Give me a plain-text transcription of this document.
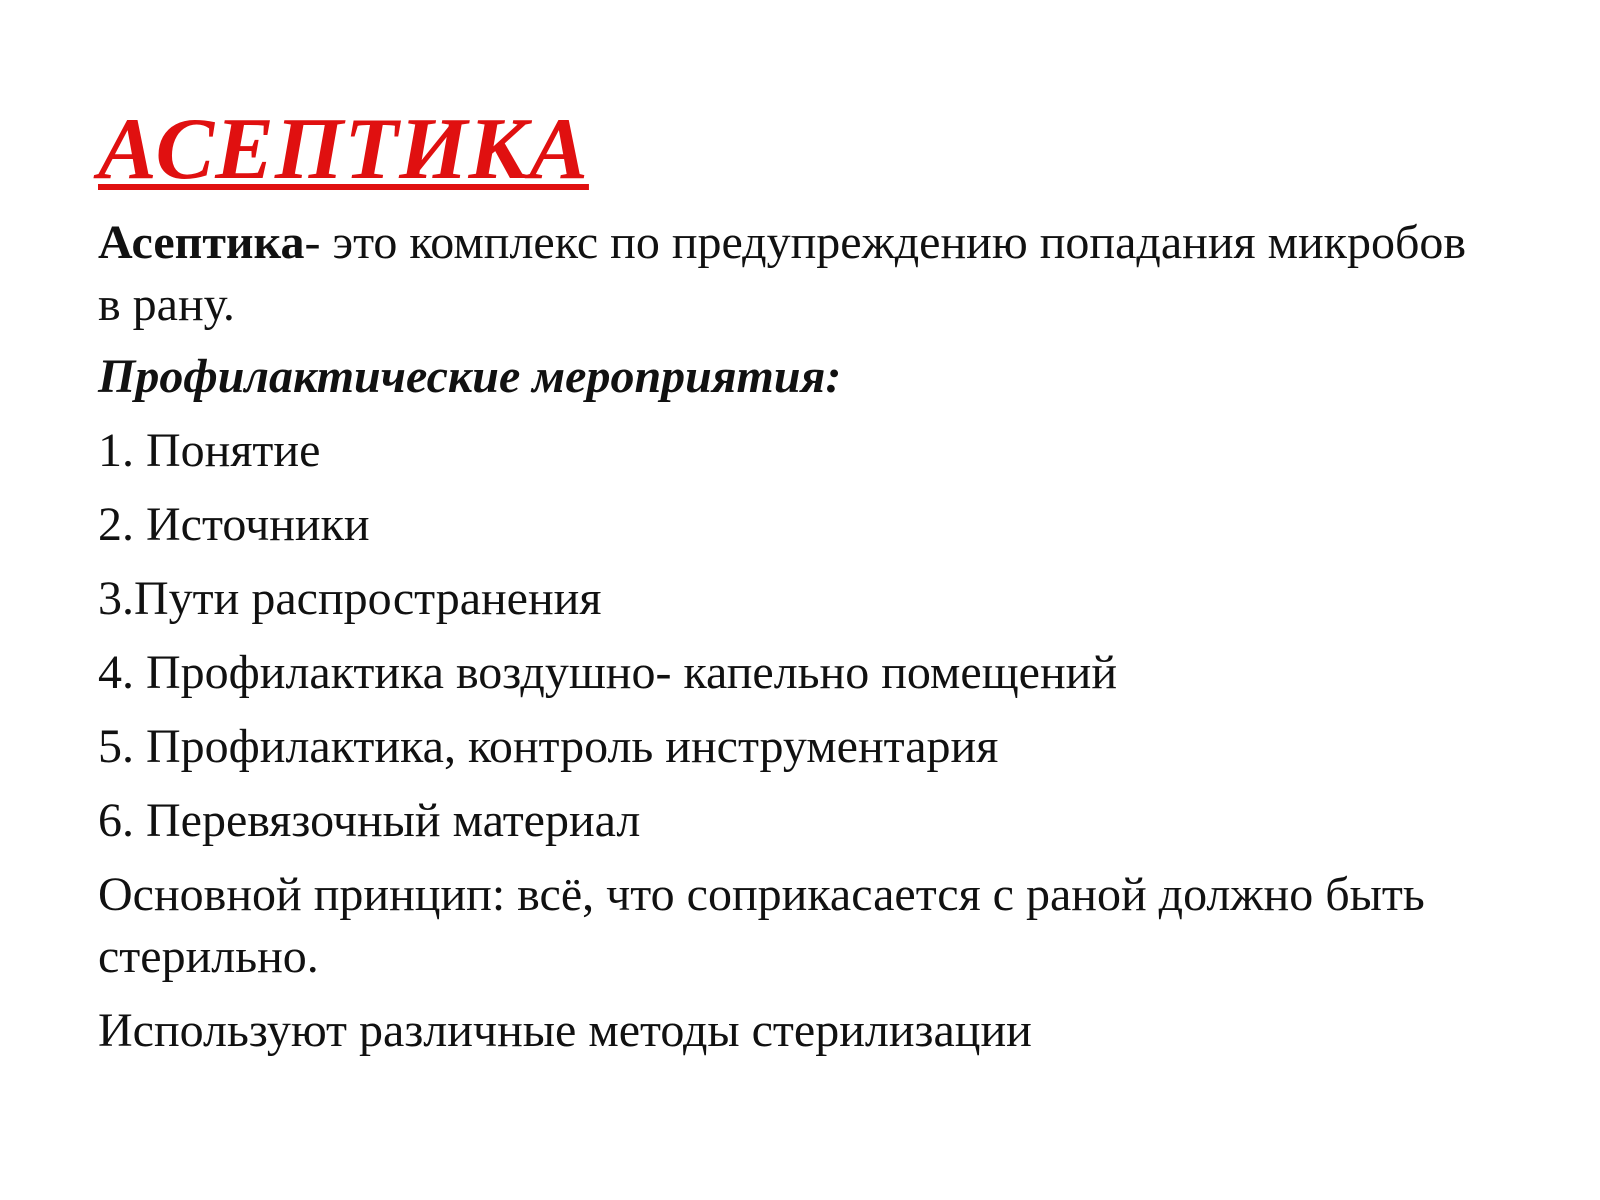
АСЕПТИКА

Асептика- это комплекс по предупреждению попадания микробов в рану.

Профилактические мероприятия:

1. Понятие

2. Источники

3.Пути распространения

4. Профилактика воздушно- капельно помещений

5. Профилактика, контроль инструментария

6. Перевязочный материал

Основной принцип: всё, что соприкасается с раной должно быть стерильно.

Используют различные методы стерилизации
